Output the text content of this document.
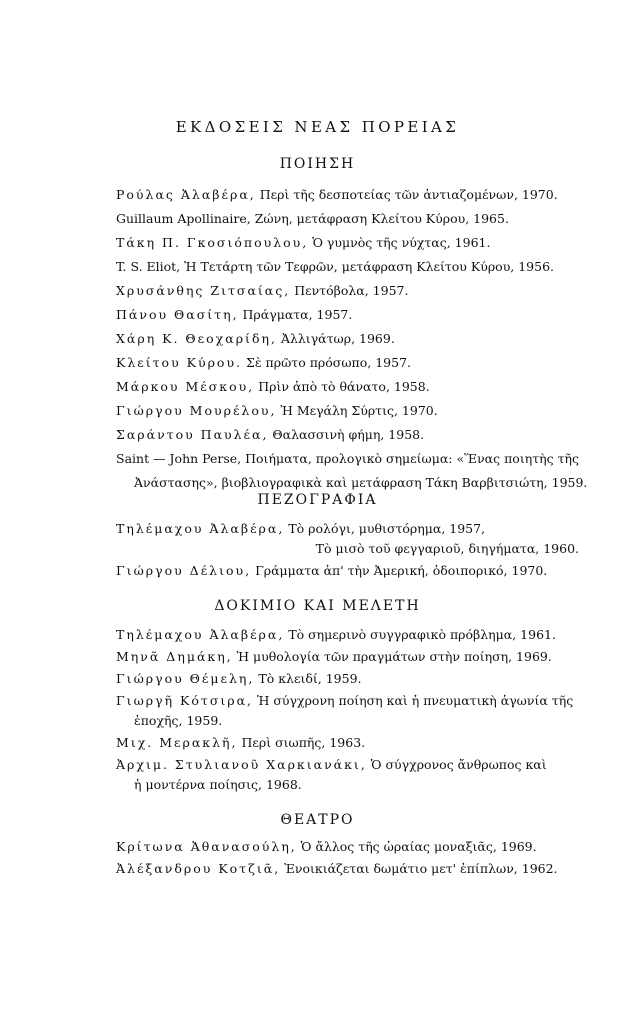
ΕΚΔΟΣΕΙΣ ΝΕΑΣ ΠΟΡΕΙΑΣ
ΠΟΙΗΣΗ
Ρούλας Ἀλαβέρα, Περὶ τῆς δεσποτείας τῶν ἀντιαζομένων, 1970.
Guillaum Apollinaire, Ζώνη, μετάφραση Κλείτου Κύρου, 1965.
Τάκη Π. Γκοσιόπουλου, Ὁ γυμνὸς τῆς νύχτας, 1961.
T. S. Eliot, Ἡ Τετάρτη τῶν Τεφρῶν, μετάφραση Κλείτου Κύρου, 1956.
Χρυσάνθης Ζιτσαίας, Πεντόβολα, 1957.
Πάνου Θασίτη, Πράγματα, 1957.
Χάρη Κ. Θεοχαρίδη, Ἀλλιγάτωρ, 1969.
Κλείτου Κύρου. Σὲ πρῶτο πρόσωπο, 1957.
Μάρκου Μέσκου, Πρὶν ἀπὸ τὸ θάνατο, 1958.
Γιώργου Μουρέλου, Ἡ Μεγάλη Σύρτις, 1970.
Σαράντου Παυλέα, Θαλασσινὴ φήμη, 1958.
Saint — John Perse, Ποιήματα, προλογικὸ σημείωμα: «Ἕνας ποιητὴς τῆς
Ἀνάστασης», βιοβλιογραφικὰ καὶ μετάφραση Τάκη Βαρβιτσιώτη, 1959.
ΠΕΖΟΓΡΑΦΙΑ
Τηλέμαχου Ἀλαβέρα, Τὸ ρολόγι, μυθιστόρημα, 1957,
Τὸ μισὸ τοῦ φεγγαριοῦ, διηγήματα, 1960.
Γιώργου Δέλιου, Γράμματα ἀπ' τὴν Ἀμερική, ὁδοιπορικό, 1970.
ΔΟΚΙΜΙΟ ΚΑΙ ΜΕΛΕΤΗ
Τηλέμαχου Ἀλαβέρα, Τὸ σημερινὸ συγγραφικὸ πρόβλημα, 1961.
Μηνᾶ Δημάκη, Ἡ μυθολογία τῶν πραγμάτων στὴν ποίηση, 1969.
Γιώργου Θέμελη, Τὸ κλειδί, 1959.
Γιωργῆ Κότσιρα, Ἡ σύγχρονη ποίηση καὶ ἡ πνευματικὴ ἀγωνία τῆς
ἐποχῆς, 1959.
Μιχ. Μερακλῆ, Περὶ σιωπῆς, 1963.
Ἀρχιμ. Στυλιανοῦ Χαρκιανάκι, Ὁ σύγχρονος ἄνθρωπος καὶ
ἡ μοντέρνα ποίησις, 1968.
ΘΕΑΤΡΟ
Κρίτωνα Ἀθανασούλη, Ὁ ἄλλος τῆς ὡραίας μοναξιᾶς, 1969.
Ἀλέξανδρου Κοτζιᾶ, Ἐνοικιάζεται δωμάτιο μετ' ἐπίπλων, 1962.
